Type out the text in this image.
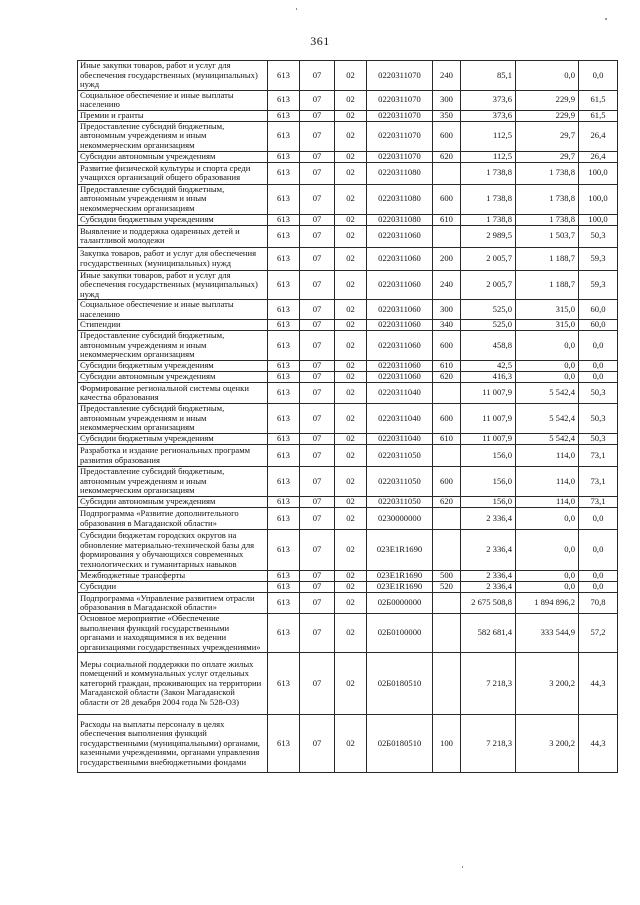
361
Иные закупки товаров, работ и услуг для обеспечения государственных (муниципальных) нужд	613	07	02	0220311070	240	85,1	0,0	0,0
Социальное обеспечение и иные выплаты населению	613	07	02	0220311070	300	373,6	229,9	61,5
Премии и гранты	613	07	02	0220311070	350	373,6	229,9	61,5
Предоставление субсидий бюджетным, автономным учреждениям и иным некоммерческим организациям	613	07	02	0220311070	600	112,5	29,7	26,4
Субсидии автономным учреждениям	613	07	02	0220311070	620	112,5	29,7	26,4
Развитие физической культуры и спорта среди учащихся организаций общего образования	613	07	02	0220311080		1 738,8	1 738,8	100,0
Предоставление субсидий бюджетным, автономным учреждениям и иным некоммерческим организациям	613	07	02	0220311080	600	1 738,8	1 738,8	100,0
Субсидии бюджетным учреждениям	613	07	02	0220311080	610	1 738,8	1 738,8	100,0
Выявление и поддержка одаренных детей и талантливой молодежи	613	07	02	0220311060		2 989,5	1 503,7	50,3
Закупка товаров, работ и услуг для обеспечения государственных (муниципальных) нужд	613	07	02	0220311060	200	2 005,7	1 188,7	59,3
Иные закупки товаров, работ и услуг для обеспечения государственных (муниципальных) нужд	613	07	02	0220311060	240	2 005,7	1 188,7	59,3
Социальное обеспечение и иные выплаты населению	613	07	02	0220311060	300	525,0	315,0	60,0
Стипендии	613	07	02	0220311060	340	525,0	315,0	60,0
Предоставление субсидий бюджетным, автономным учреждениям и иным некоммерческим организациям	613	07	02	0220311060	600	458,8	0,0	0,0
Субсидии бюджетным учреждениям	613	07	02	0220311060	610	42,5	0,0	0,0
Субсидии автономным учреждениям	613	07	02	0220311060	620	416,3	0,0	0,0
Формирование региональной системы оценки качества образования	613	07	02	0220311040		11 007,9	5 542,4	50,3
Предоставление субсидий бюджетным, автономным учреждениям и иным некоммерческим организациям	613	07	02	0220311040	600	11 007,9	5 542,4	50,3
Субсидии бюджетным учреждениям	613	07	02	0220311040	610	11 007,9	5 542,4	50,3
Разработка и издание региональных программ развития образования	613	07	02	0220311050		156,0	114,0	73,1
Предоставление субсидий бюджетным, автономным учреждениям и иным некоммерческим организациям	613	07	02	0220311050	600	156,0	114,0	73,1
Субсидии автономным учреждениям	613	07	02	0220311050	620	156,0	114,0	73,1
Подпрограмма «Развитие дополнительного образования в Магаданской области»	613	07	02	0230000000		2 336,4	0,0	0,0
Субсидии бюджетам городских округов на обновление материально-технической базы для формирования у обучающихся современных технологических и гуманитарных навыков	613	07	02	023E1R1690		2 336,4	0,0	0,0
Межбюджетные трансферты	613	07	02	023E1R1690	500	2 336,4	0,0	0,0
Субсидии	613	07	02	023E1R1690	520	2 336,4	0,0	0,0
Подпрограмма «Управление развитием отрасли образования в Магаданской области»	613	07	02	02Б0000000		2 675 508,8	1 894 896,2	70,8
Основное мероприятие «Обеспечение выполнения функций государственными органами и находящимися в их ведении организациями государственных учреждениями»	613	07	02	02Б0100000		582 681,4	333 544,9	57,2
Меры социальной поддержки по оплате жилых помещений и коммунальных услуг отдельных категорий граждан, проживающих на территории Магаданской области (Закон Магаданской области от 28 декабря 2004 года № 528-ОЗ)	613	07	02	02Б0180510		7 218,3	3 200,2	44,3
Расходы на выплаты персоналу в целях обеспечения выполнения функций государственными (муниципальными) органами, казенными учреждениями, органами управления государственными внебюджетными фондами	613	07	02	02Б0180510	100	7 218,3	3 200,2	44,3
